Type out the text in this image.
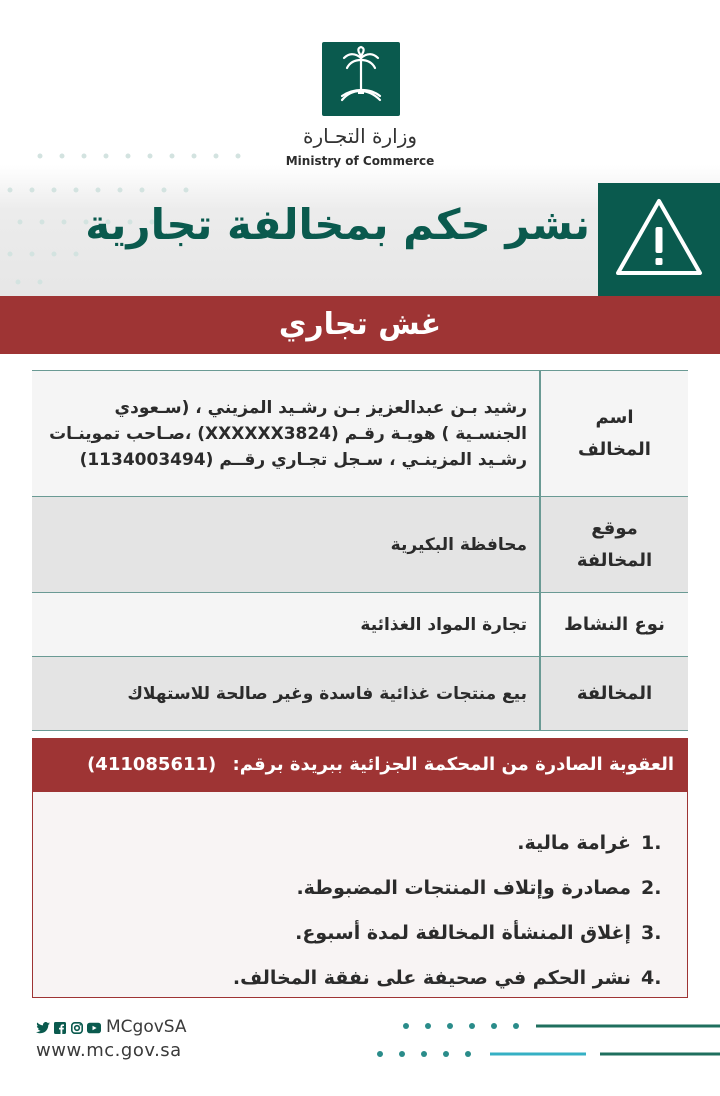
وزارة التجـارة
Ministry of Commerce
نشر حكم بمخالفة تجارية
غش تجاري
اسم
المخالف	رشيد بـن عبدالعزيز بـن رشـيد المزيني ، (سـعودي الجنسـية ) هويـة رقـم (XXXXXX3824) ،صـاحب تموينـات رشـيد المزينـي ، سـجل تجـاري رقــم (1134003494)

موقع
المخالفة	محافظة البكيرية

نوع النشاط	تجارة المواد الغذائية

المخالفة	بيع منتجات غذائية فاسدة وغير صالحة للاستهلاك
العقوبة الصادرة من المحكمة الجزائية ببريدة برقم: (411085611)
1.
غرامة مالية.
2.
مصادرة وإتلاف المنتجات المضبوطة.
3.
إغلاق المنشأة المخالفة لمدة أسبوع.
4.
نشر الحكم في صحيفة على نفقة المخالف.
MCgovSA
www.mc.gov.sa
